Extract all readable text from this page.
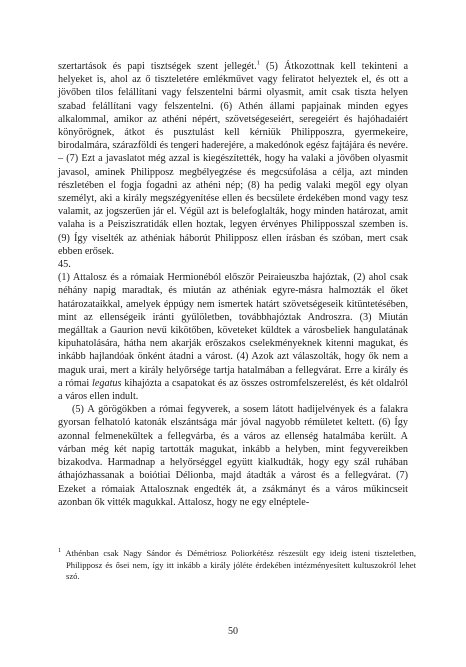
szertartások és papi tisztségek szent jellegét.$^1$ (5) Átkozottnak kell tekinteni a helyeket is, ahol az ő tiszteletére emlékművet vagy feliratot helyeztek el, és ott a jövőben tilos felállítani vagy felszentelni bármi olyasmit, amit csak tiszta helyen szabad felállítani vagy felszentelni. (6) Athén állami papjainak minden egyes alkalommal, amikor az athéni népért, szövetségeseiért, seregeiért és hajóhadaiért könyörögnek, átkot és pusztulást kell kérniük Philipposzra, gyermekeire, birodalmára, szárazföldi és tengeri haderejére, a makedónok egész fajtájára és nevére. – (7) Ezt a javaslatot még azzal is kiegészítették, hogy ha valaki a jövőben olyasmit javasol, aminek Philipposz megbélyegzése és megcsúfolása a célja, azt minden részletében el fogja fogadni az athéni nép; (8) ha pedig valaki megöl egy olyan személyt, aki a király megszégyenítése ellen és becsülete érdekében mond vagy tesz valamit, az jogszerűen jár el. Végül azt is belefoglalták, hogy minden határozat, amit valaha is a Peisziszratidák ellen hoztak, legyen érvényes Philipposszal szemben is. (9) Így viselték az athéniak háborút Philipposz ellen írásban és szóban, mert csak ebben erősek.

45.

(1) Attalosz és a rómaiak Hermionéból először Peiraieuszba hajóztak, (2) ahol csak néhány napig maradtak, és miután az athéniak egyre-másra halmozták el őket határozataikkal, amelyek éppúgy nem ismertek határt szövetségeseik kitüntetésében, mint az ellenségeik iránti gyűlöletben, továbbhajóztak Androszra. (3) Miután megálltak a Gaurion nevű kikötőben, követeket küldtek a városbeliek hangulatának kipuhatolására, hátha nem akarják erőszakos cselekményeknek kitenni magukat, és inkább hajlandóak önként átadni a várost. (4) Azok azt válaszolták, hogy ők nem a maguk urai, mert a király helyőrsége tartja hatalmában a fellegvárat. Erre a király és a római legatus kihajózta a csapatokat és az összes ostromfelszerelést, és két oldalról a város ellen indult.

(5) A görögökben a római fegyverek, a sosem látott hadijelvények és a falakra gyorsan felhatoló katonák elszántsága már jóval nagyobb rémületet keltett. (6) Így azonnal felmenekültek a fellegvárba, és a város az ellenség hatalmába került. A várban még két napig tartották magukat, inkább a helyben, mint fegyvereikben bizakodva. Harmadnap a helyőrséggel együtt kialkudták, hogy egy szál ruhában áthajózhassanak a boiótiai Délionba, majd átadták a várost és a fellegvárat. (7) Ezeket a rómaiak Attalosznak engedték át, a zsákmányt és a város műkincseit azonban ők vitték magukkal. Attalosz, hogy ne egy elnéptele-

$^1$ Athénban csak Nagy Sándor és Démétriosz Poliorkétész részesült egy ideig isteni tiszteletben, Philipposz és ősei nem, így itt inkább a király jóléte érdekében intézményesített kultuszokról lehet szó.
50
